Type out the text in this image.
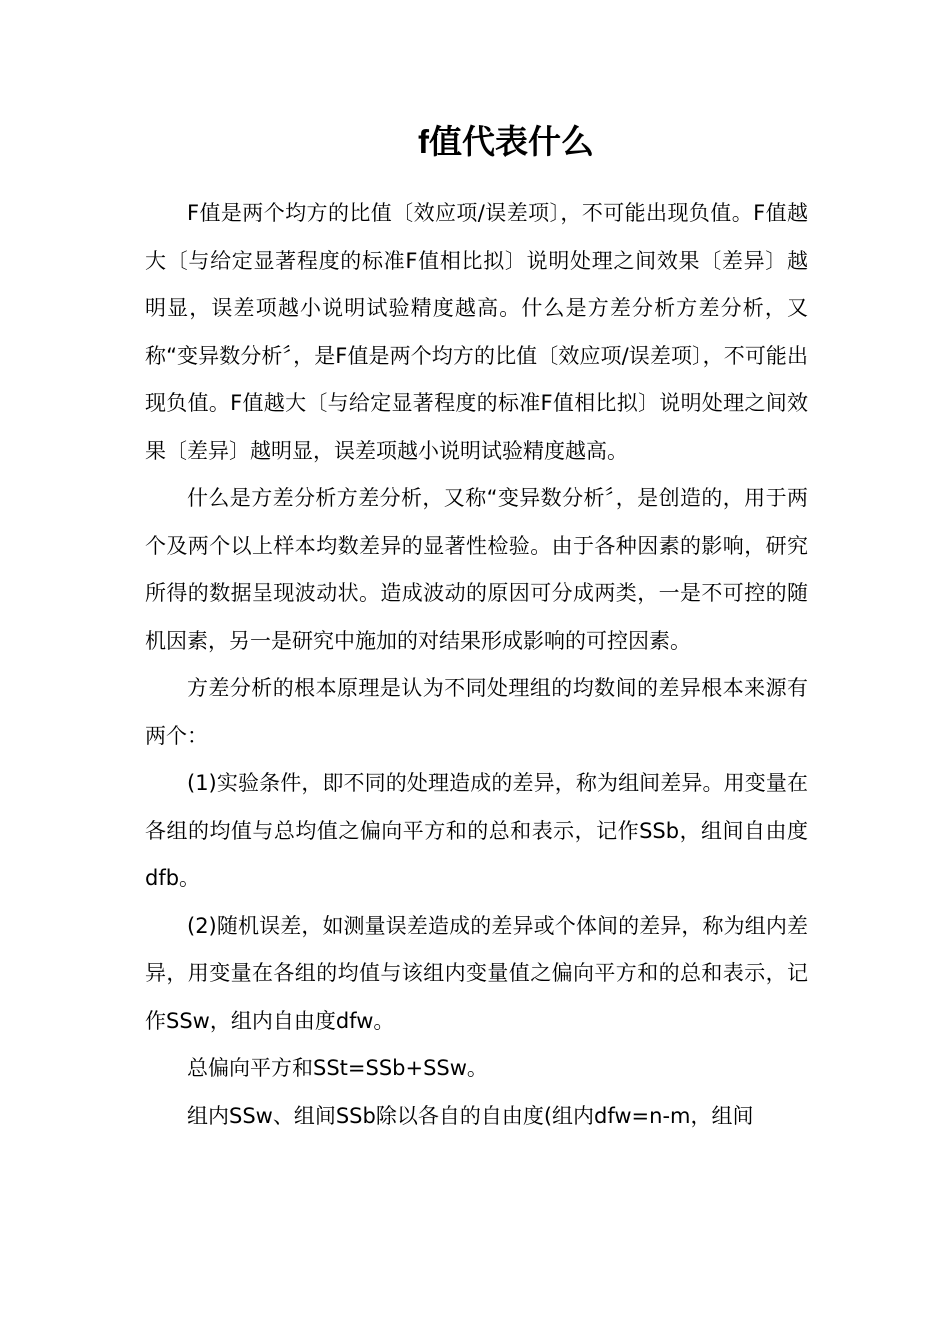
f值代表什么

F值是两个均方的比值〔效应项/误差项〕，不可能出现负值。F值越大〔与给定显著程度的标准F值相比拟〕说明处理之间效果〔差异〕越明显，误差项越小说明试验精度越高。什么是方差分析方差分析，又称“变异数分析〞，是F值是两个均方的比值〔效应项/误差项〕，不可能出现负值。F值越大〔与给定显著程度的标准F值相比拟〕说明处理之间效果〔差异〕越明显，误差项越小说明试验精度越高。

什么是方差分析方差分析，又称“变异数分析〞，是创造的，用于两个及两个以上样本均数差异的显著性检验。由于各种因素的影响，研究所得的数据呈现波动状。造成波动的原因可分成两类，一是不可控的随机因素，另一是研究中施加的对结果形成影响的可控因素。

方差分析的根本原理是认为不同处理组的均数间的差异根本来源有两个：

(1)实验条件，即不同的处理造成的差异，称为组间差异。用变量在各组的均值与总均值之偏向平方和的总和表示，记作SSb，组间自由度dfb。

(2)随机误差，如测量误差造成的差异或个体间的差异，称为组内差异，用变量在各组的均值与该组内变量值之偏向平方和的总和表示，记作SSw，组内自由度dfw。

总偏向平方和SSt=SSb+SSw。

组内SSw、组间SSb除以各自的自由度(组内dfw=n-m，组间
